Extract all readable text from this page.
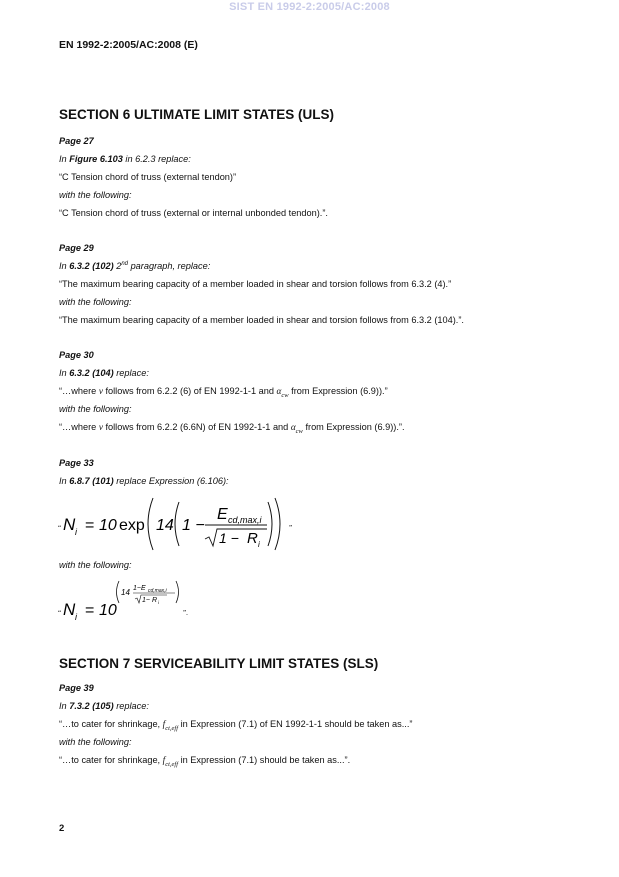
SIST EN 1992-2:2005/AC:2008
EN 1992-2:2005/AC:2008 (E)
SECTION 6 ULTIMATE LIMIT STATES (ULS)
Page 27
In Figure 6.103 in 6.2.3 replace:
“C Tension chord of truss (external tendon)”
with the following:
“C Tension chord of truss (external or internal unbonded tendon).”.
Page 29
In 6.3.2 (102) 2nd paragraph, replace:
“The maximum bearing capacity of a member loaded in shear and torsion follows from 6.3.2 (4).”
with the following:
“The maximum bearing capacity of a member loaded in shear and torsion follows from 6.3.2 (104).”.
Page 30
In 6.3.2 (104) replace:
“…where ν follows from 6.2.2 (6) of EN 1992-1-1 and $\alpha_{cw}$ from Expression (6.9)).”
with the following:
“…where ν follows from 6.2.2 (6.6N) of EN 1992-1-1 and $\alpha_{cw}$ from Expression (6.9)).”.
Page 33
In 6.8.7 (101) replace Expression (6.106):
“ N i = 10 exp 14 1 −
E cd,max,i
1 − R i
”
with the following:
“ N i = 10
14 1−E cd,max,i
1− R i
”.
SECTION 7 SERVICEABILITY LIMIT STATES (SLS)
Page 39
In 7.3.2 (105) replace:
“…to cater for shrinkage, $f_{ct,eff}$ in Expression (7.1) of EN 1992-1-1 should be taken as...”
with the following:
“…to cater for shrinkage, $f_{ct,eff}$ in Expression (7.1) should be taken as...”.
2
